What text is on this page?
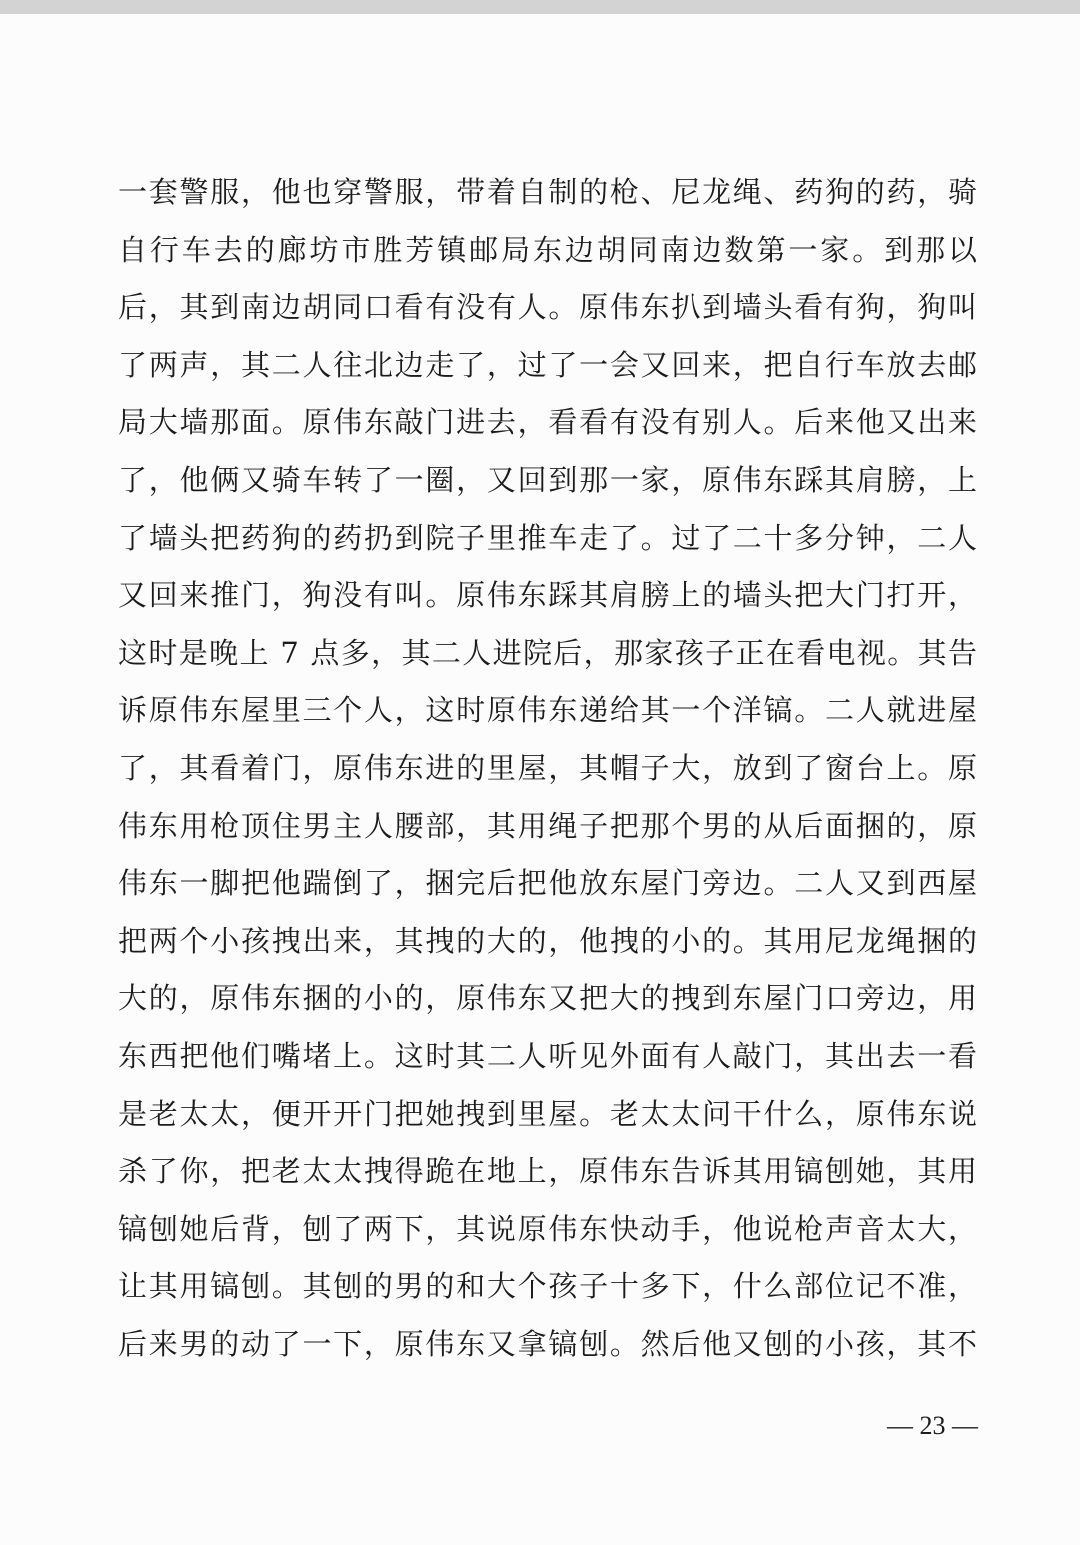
一套警服，他也穿警服，带着自制的枪、尼龙绳、药狗的药，骑
自行车去的廊坊市胜芳镇邮局东边胡同南边数第一家。到那以
后，其到南边胡同口看有没有人。原伟东扒到墙头看有狗，狗叫
了两声，其二人往北边走了，过了一会又回来，把自行车放去邮
局大墙那面。原伟东敲门进去，看看有没有别人。后来他又出来
了，他俩又骑车转了一圈，又回到那一家，原伟东踩其肩膀，上
了墙头把药狗的药扔到院子里推车走了。过了二十多分钟，二人
又回来推门，狗没有叫。原伟东踩其肩膀上的墙头把大门打开，
这时是晚上 7 点多，其二人进院后，那家孩子正在看电视。其告
诉原伟东屋里三个人，这时原伟东递给其一个洋镐。二人就进屋
了，其看着门，原伟东进的里屋，其帽子大，放到了窗台上。原
伟东用枪顶住男主人腰部，其用绳子把那个男的从后面捆的，原
伟东一脚把他踹倒了，捆完后把他放东屋门旁边。二人又到西屋
把两个小孩拽出来，其拽的大的，他拽的小的。其用尼龙绳捆的
大的，原伟东捆的小的，原伟东又把大的拽到东屋门口旁边，用
东西把他们嘴堵上。这时其二人听见外面有人敲门，其出去一看
是老太太，便开开门把她拽到里屋。老太太问干什么，原伟东说
杀了你，把老太太拽得跪在地上，原伟东告诉其用镐刨她，其用
镐刨她后背，刨了两下，其说原伟东快动手，他说枪声音太大，
让其用镐刨。其刨的男的和大个孩子十多下，什么部位记不准，
后来男的动了一下，原伟东又拿镐刨。然后他又刨的小孩，其不
— 23 —
